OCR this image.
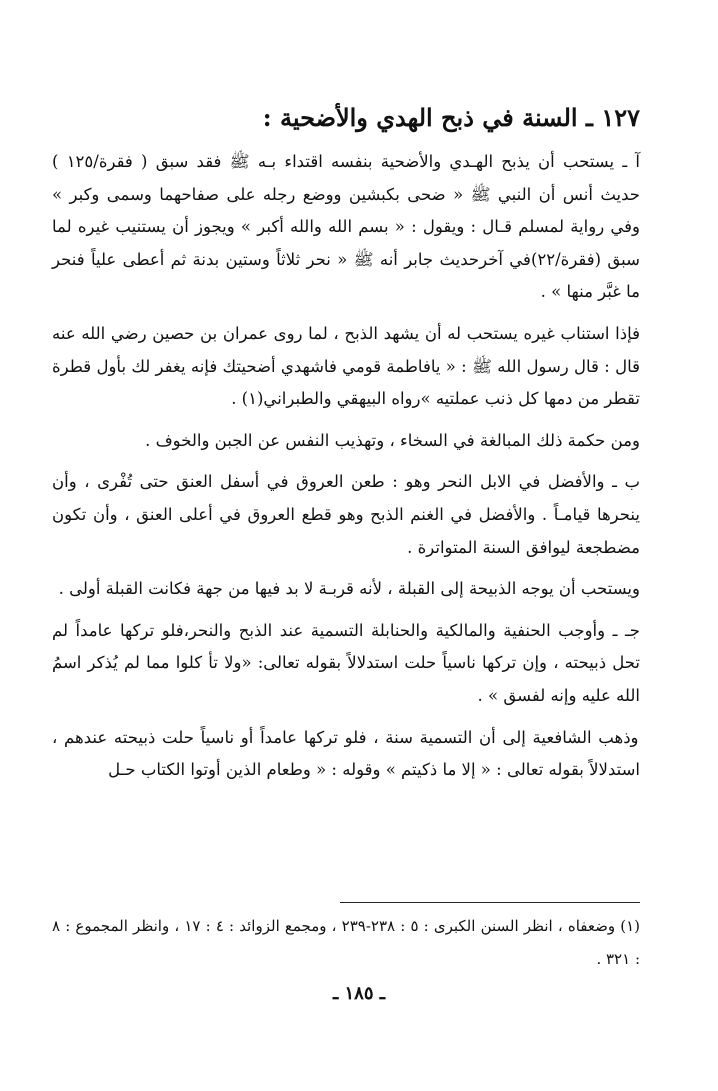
١٢٧ ـ السنة في ذبح الهدي والأضحية :

آ ـ يستحب أن يذبح الهـدي والأضحية بنفسه اقتداء بـه ﷺ فقد سبق ( فقرة/١٢٥ ) حديث أنس أن النبي ﷺ « ضحى بكبشين ووضع رجله على صفاحهما وسمى وكبر » وفي رواية لمسلم قـال : ويقول : « بسم الله والله أكبر » ويجوز أن يستنيب غيره لما سبق (فقرة/٢٢)في آخرحديث جابر أنه ﷺ « نحر ثلاثاً وستين بدنة ثم أعطى علياً فنحر ما غبَّر منها » .

فإذا استناب غيره يستحب له أن يشهد الذبح ، لما روى عمران بن حصين رضي الله عنه قال : قال رسول الله ﷺ : « يافاطمة قومي فاشهدي أضحيتك فإنه يغفر لك بأول قطرة تقطر من دمها كل ذنب عملتيه »رواه البيهقي والطبراني(١) .

ومن حكمة ذلك المبالغة في السخاء ، وتهذيب النفس عن الجبن والخوف .

ب ـ والأفضل في الابل النحر وهو : طعن العروق في أسفل العنق حتى تُفْرى ، وأن ينحرها قيامـاً . والأفضل في الغنم الذبح وهو قطع العروق في أعلى العنق ، وأن تكون مضطجعة ليوافق السنة المتواترة .

ويستحب أن يوجه الذبيحة إلى القبلة ، لأنه قربـة لا بد فيها من جهة فكانت القبلة أولى .

جـ ـ وأوجب الحنفية والمالكية والحنابلة التسمية عند الذبح والنحر،فلو تركها عامداً لم تحل ذبيحته ، وإن تركها ناسياً حلت استدلالاً بقوله تعالى: «ولا تأ كلوا مما لم يُذكر اسمُ الله عليه وإنه لفسق » .

وذهب الشافعية إلى أن التسمية سنة ، فلو تركها عامداً أو ناسياً حلت ذبيحته عندهم ، استدلالاً بقوله تعالى : « إلا ما ذكيتم » وقوله : « وطعام الذين أوتوا الكتاب حـل

(١) وضعفاه ، انظر السنن الكبرى : ٥ : ٢٣٨-٢٣٩ ، ومجمع الزوائد : ٤ : ١٧ ، وانظر المجموع : ٨ : ٣٢١ .

ـ ١٨٥ ـ
